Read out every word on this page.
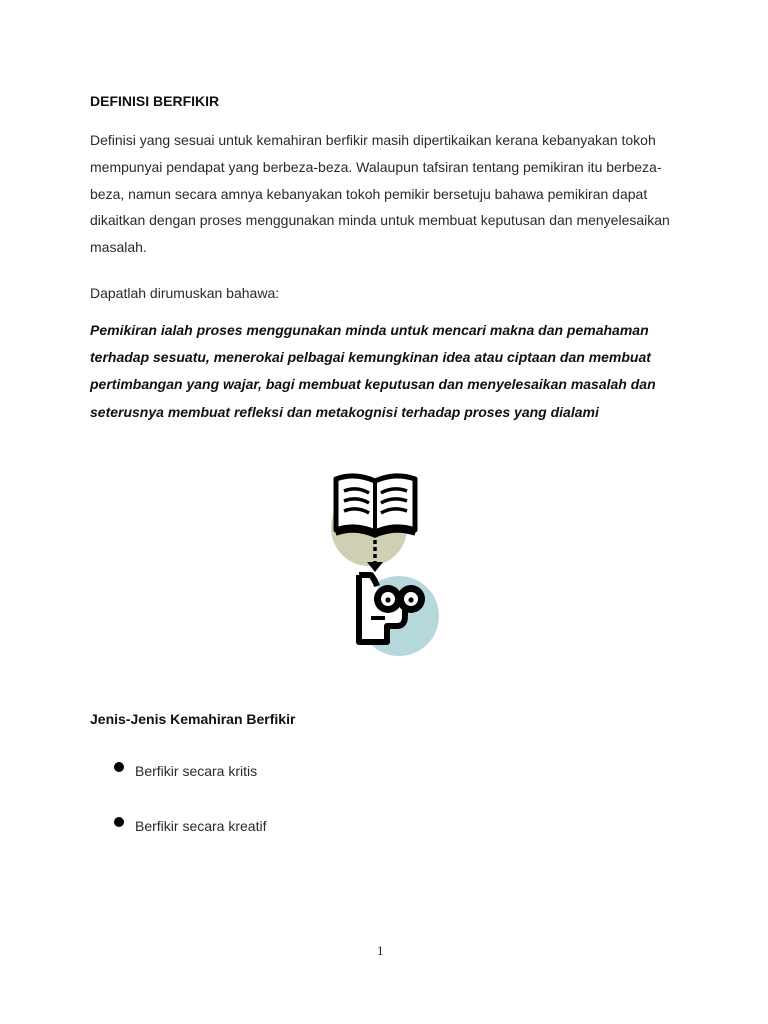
DEFINISI BERFIKIR

Definisi yang sesuai untuk kemahiran berfikir masih dipertikaikan kerana kebanyakan tokoh mempunyai pendapat yang berbeza-beza. Walaupun tafsiran tentang pemikiran itu berbeza-beza, namun secara amnya kebanyakan tokoh pemikir bersetuju bahawa pemikiran dapat dikaitkan dengan proses menggunakan minda untuk membuat keputusan dan menyelesaikan masalah.

Dapatlah dirumuskan bahawa:

Pemikiran ialah proses menggunakan minda untuk mencari makna dan pemahaman terhadap sesuatu, menerokai pelbagai kemungkinan idea atau ciptaan dan membuat pertimbangan yang wajar, bagi membuat keputusan dan menyelesaikan masalah dan seterusnya membuat refleksi dan metakognisi terhadap proses yang dialami

Jenis-Jenis Kemahiran Berfikir
Berfikir secara kritis
Berfikir secara kreatif
1
